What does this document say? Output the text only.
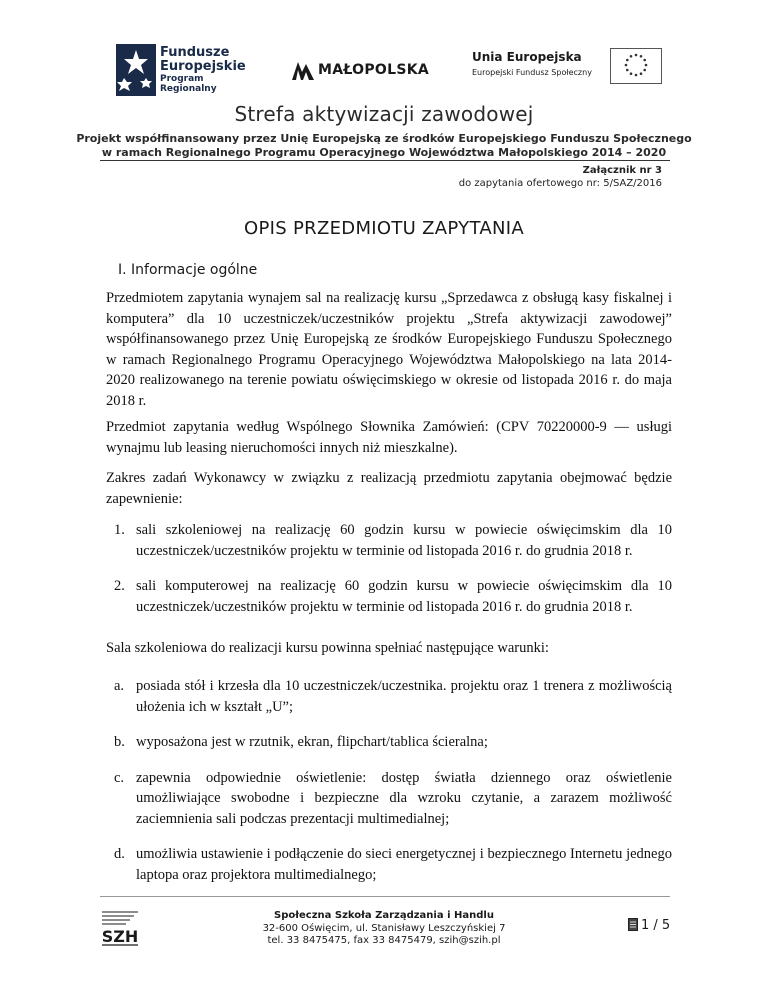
Fundusze
Europejskie
Program Regionalny
MAŁOPOLSKA
Unia Europejska
Europejski Fundusz Społeczny
Strefa aktywizacji zawodowej
Projekt współfinansowany przez Unię Europejską ze środków Europejskiego Funduszu Społecznego
w ramach Regionalnego Programu Operacyjnego Województwa Małopolskiego 2014 – 2020
Załącznik nr 3
do zapytania ofertowego nr: 5/SAZ/2016
OPIS PRZEDMIOTU ZAPYTANIA
I. Informacje ogólne
Przedmiotem zapytania wynajem sal na realizację kursu „Sprzedawca z obsługą kasy fiskalnej i komputera” dla 10 uczestniczek/uczestników projektu „Strefa aktywizacji zawodowej” współfinansowanego przez Unię Europejską ze środków Europejskiego Funduszu Społecznego w ramach Regionalnego Programu Operacyjnego Województwa Małopolskiego na lata 2014-2020 realizowanego na terenie powiatu oświęcimskiego w okresie od listopada 2016 r. do maja 2018 r.
Przedmiot zapytania według Wspólnego Słownika Zamówień: (CPV 70220000-9 — usługi wynajmu lub leasing nieruchomości innych niż mieszkalne).
Zakres zadań Wykonawcy w związku z realizacją przedmiotu zapytania obejmować będzie zapewnienie:
1. sali szkoleniowej na realizację 60 godzin kursu w powiecie oświęcimskim dla 10 uczestniczek/uczestników projektu w terminie od listopada 2016 r. do grudnia 2018 r.
2. sali komputerowej na realizację 60 godzin kursu w powiecie oświęcimskim dla 10 uczestniczek/uczestników projektu w terminie od listopada 2016 r. do grudnia 2018 r.
Sala szkoleniowa do realizacji kursu powinna spełniać następujące warunki:
a. posiada stół i krzesła dla 10 uczestniczek/uczestnika. projektu oraz 1 trenera z możliwością ułożenia ich w kształt „U”;
b. wyposażona jest w rzutnik, ekran, flipchart/tablica ścieralna;
c. zapewnia odpowiednie oświetlenie: dostęp światła dziennego oraz oświetlenie umożliwiające swobodne i bezpieczne dla wzroku czytanie, a zarazem możliwość zaciemnienia sali podczas prezentacji multimedialnej;
d. umożliwia ustawienie i podłączenie do sieci energetycznej i bezpiecznego Internetu jednego laptopa oraz projektora multimedialnego;
SZH
Społeczna Szkoła Zarządzania i Handlu
32-600 Oświęcim, ul. Stanisławy Leszczyńskiej 7
tel. 33 8475475, fax 33 8475479, szih@szih.pl
1 / 5
